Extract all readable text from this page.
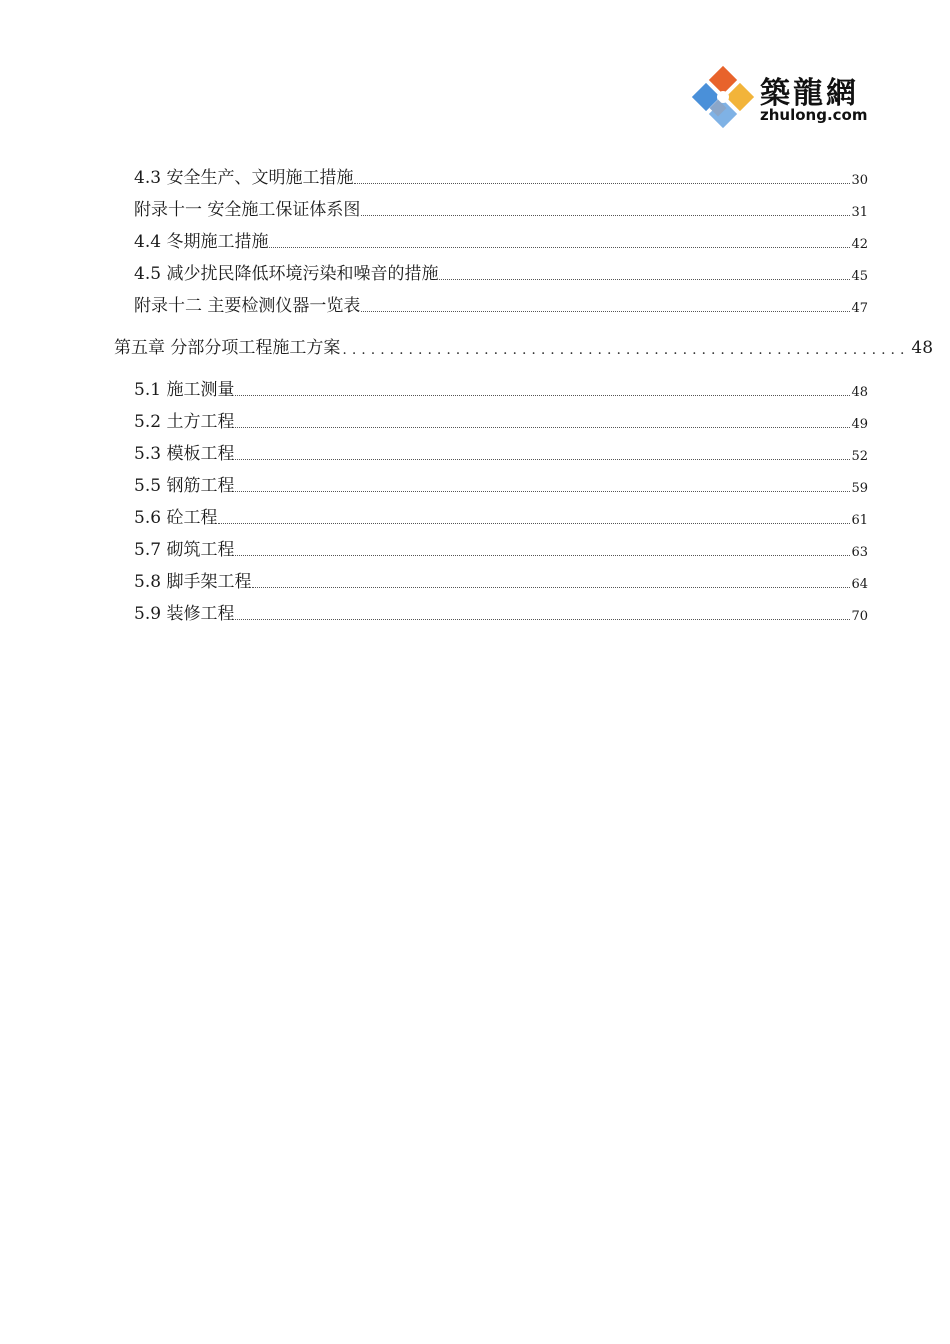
築龍網
zhulong.com
4.3 安全生产、文明施工措施	30
附录十一 安全施工保证体系图	31
4.4 冬期施工措施	42
4.5 减少扰民降低环境污染和噪音的措施	45
附录十二 主要检测仪器一览表	47
第五章 分部分项工程施工方案 ............................................................ 48
5.1 施工测量	48
5.2 土方工程	49
5.3 模板工程	52
5.5 钢筋工程	59
5.6 砼工程	61
5.7 砌筑工程	63
5.8 脚手架工程	64
5.9 装修工程	70
